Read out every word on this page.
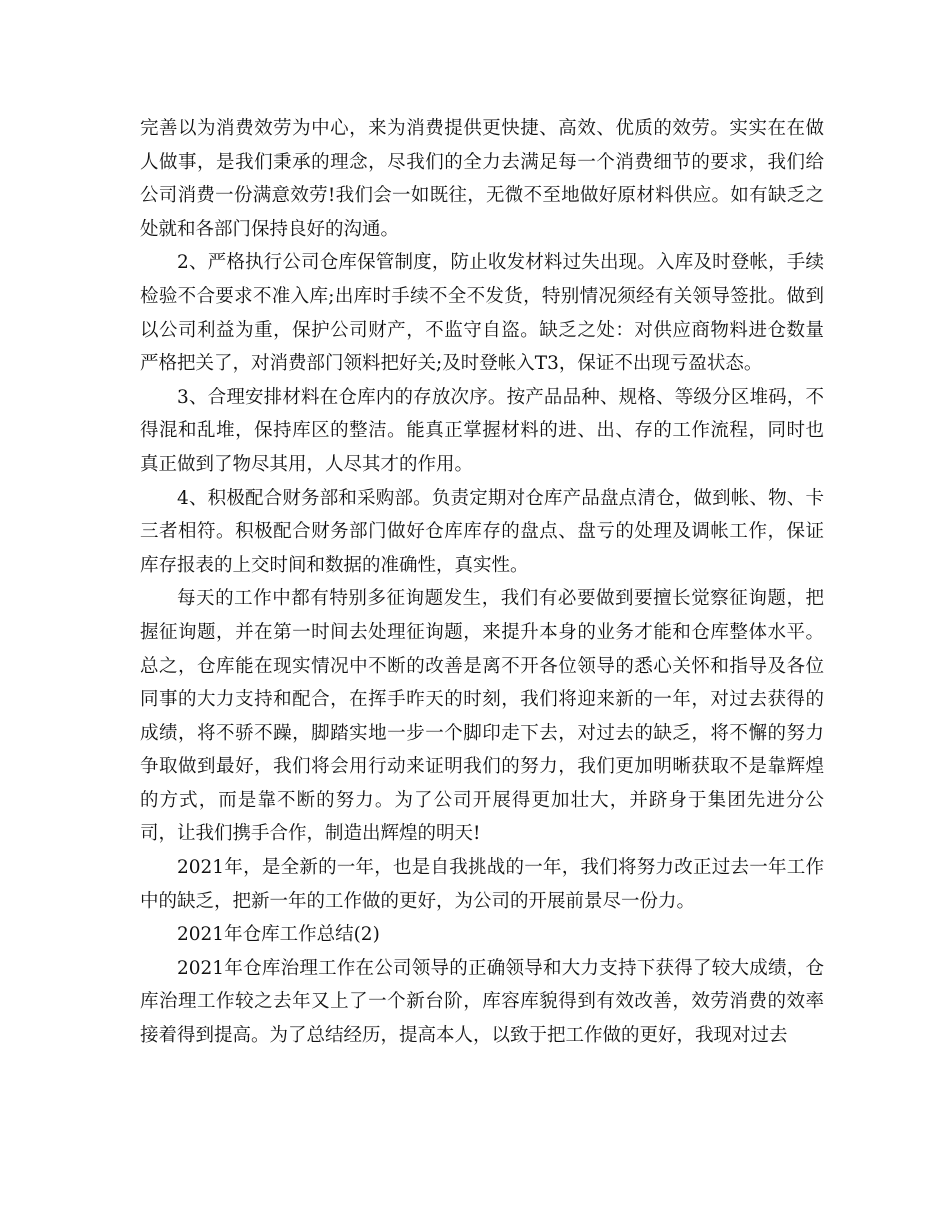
完善以为消费效劳为中心，来为消费提供更快捷、高效、优质的效劳。实实在在做人做事，是我们秉承的理念，尽我们的全力去满足每一个消费细节的要求，我们给公司消费一份满意效劳!我们会一如既往，无微不至地做好原材料供应。如有缺乏之处就和各部门保持良好的沟通。

2、严格执行公司仓库保管制度，防止收发材料过失出现。入库及时登帐，手续检验不合要求不准入库;出库时手续不全不发货，特别情况须经有关领导签批。做到以公司利益为重，保护公司财产，不监守自盗。缺乏之处：对供应商物料进仓数量严格把关了，对消费部门领料把好关;及时登帐入T3，保证不出现亏盈状态。

3、合理安排材料在仓库内的存放次序。按产品品种、规格、等级分区堆码，不得混和乱堆，保持库区的整洁。能真正掌握材料的进、出、存的工作流程，同时也真正做到了物尽其用，人尽其才的作用。

4、积极配合财务部和采购部。负责定期对仓库产品盘点清仓，做到帐、物、卡三者相符。积极配合财务部门做好仓库库存的盘点、盘亏的处理及调帐工作，保证库存报表的上交时间和数据的准确性，真实性。

每天的工作中都有特别多征询题发生，我们有必要做到要擅长觉察征询题，把握征询题，并在第一时间去处理征询题，来提升本身的业务才能和仓库整体水平。总之，仓库能在现实情况中不断的改善是离不开各位领导的悉心关怀和指导及各位同事的大力支持和配合，在挥手昨天的时刻，我们将迎来新的一年，对过去获得的成绩，将不骄不躁，脚踏实地一步一个脚印走下去，对过去的缺乏，将不懈的努力争取做到最好，我们将会用行动来证明我们的努力，我们更加明晰获取不是靠辉煌的方式，而是靠不断的努力。为了公司开展得更加壮大，并跻身于集团先进分公司，让我们携手合作，制造出辉煌的明天!

2021年，是全新的一年，也是自我挑战的一年，我们将努力改正过去一年工作中的缺乏，把新一年的工作做的更好，为公司的开展前景尽一份力。

2021年仓库工作总结(2)

2021年仓库治理工作在公司领导的正确领导和大力支持下获得了较大成绩，仓库治理工作较之去年又上了一个新台阶，库容库貌得到有效改善，效劳消费的效率接着得到提高。为了总结经历，提高本人，以致于把工作做的更好，我现对过去
